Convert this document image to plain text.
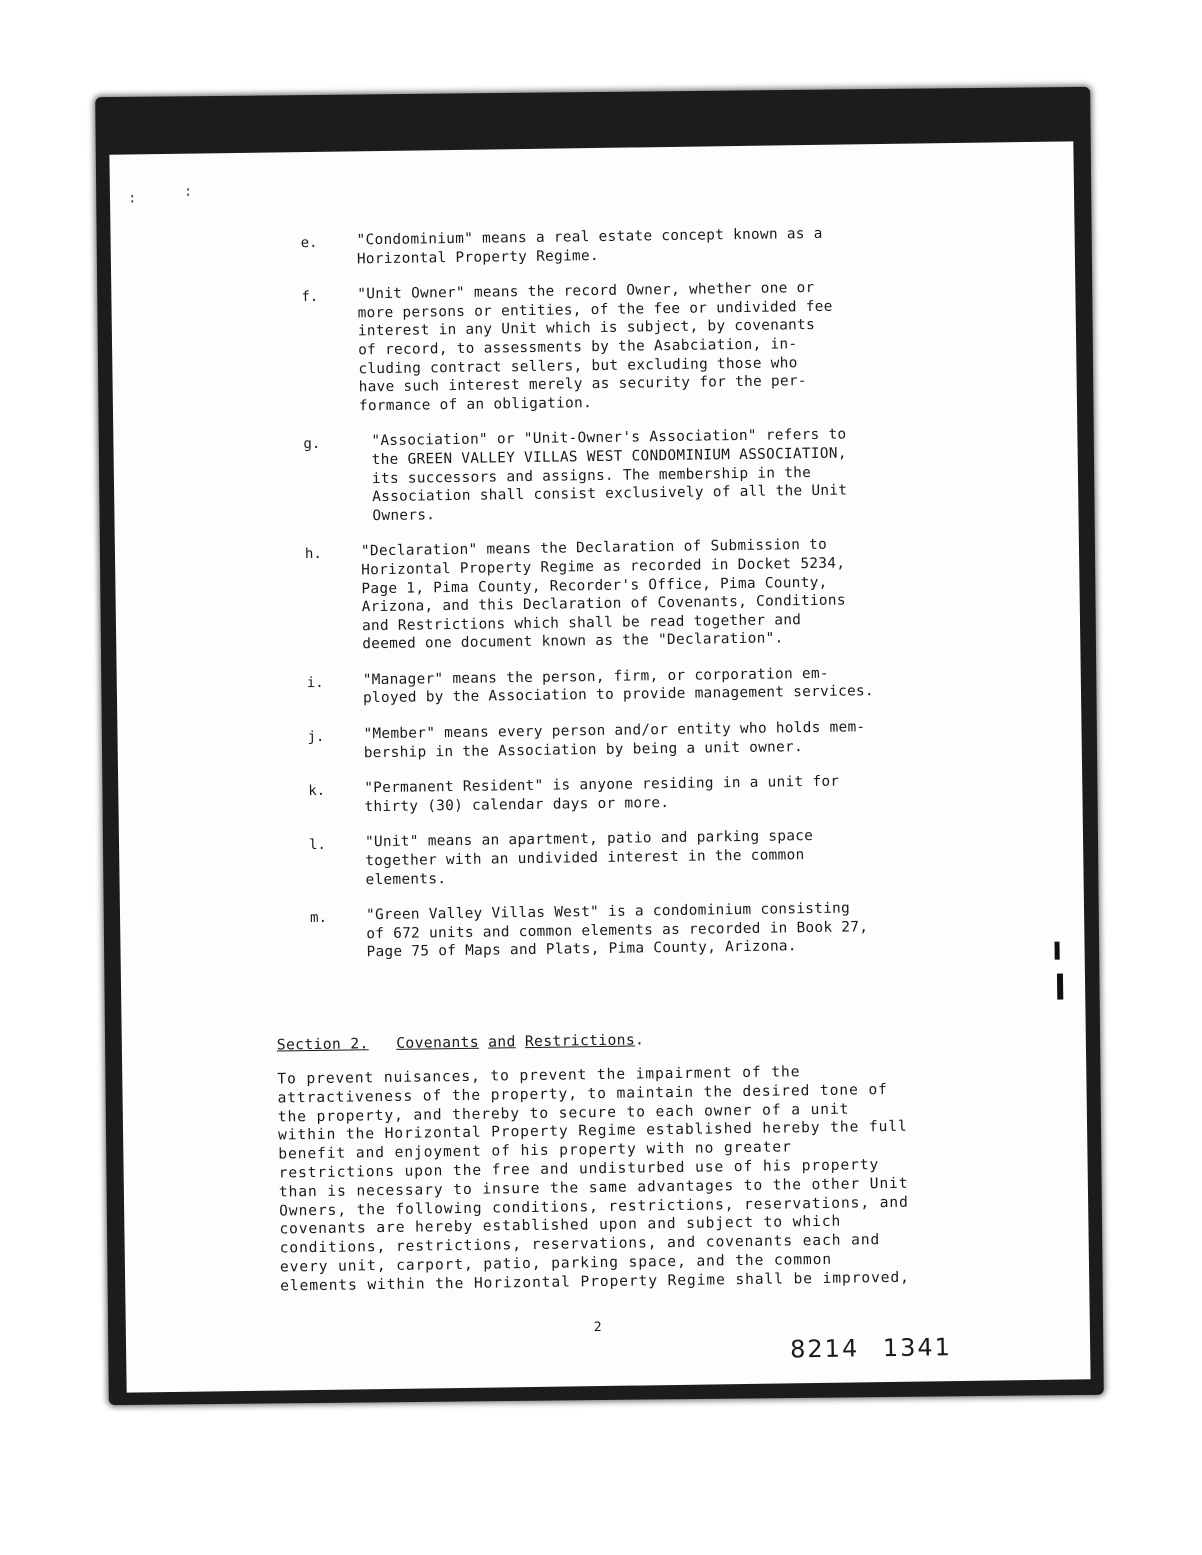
:	:
e.	"Condominium" means a real estate concept known as a
Horizontal Property Regime.
f.	"Unit Owner" means the record Owner, whether one or
more persons or entities, of the fee or undivided fee
interest in any Unit which is subject, by covenants
of record, to assessments by the Asabciation, in-
cluding contract sellers, but excluding those who
have such interest merely as security for the per-
formance of an obligation.
g.	"Association" or "Unit-Owner's Association" refers to
the GREEN VALLEY VILLAS WEST CONDOMINIUM ASSOCIATION,
its successors and assigns. The membership in the
Association shall consist exclusively of all the Unit
Owners.
h.	"Declaration" means the Declaration of Submission to
Horizontal Property Regime as recorded in Docket 5234,
Page 1, Pima County, Recorder's Office, Pima County,
Arizona, and this Declaration of Covenants, Conditions
and Restrictions which shall be read together and
deemed one document known as the "Declaration".
i.	"Manager" means the person, firm, or corporation em-
ployed by the Association to provide management services.
j.	"Member" means every person and/or entity who holds mem-
bership in the Association by being a unit owner.
k.	"Permanent Resident" is anyone residing in a unit for
thirty (30) calendar days or more.
l.	"Unit" means an apartment, patio and parking space
together with an undivided interest in the common
elements.
m.	"Green Valley Villas West" is a condominium consisting
of 672 units and common elements as recorded in Book 27,
Page 75 of Maps and Plats, Pima County, Arizona.
Section 2. Covenants and Restrictions.
To prevent nuisances, to prevent the impairment of the
attractiveness of the property, to maintain the desired tone of
the property, and thereby to secure to each owner of a unit
within the Horizontal Property Regime established hereby the full
benefit and enjoyment of his property with no greater
restrictions upon the free and undisturbed use of his property
than is necessary to insure the same advantages to the other Unit
Owners, the following conditions, restrictions, reservations, and
covenants are hereby established upon and subject to which
conditions, restrictions, reservations, and covenants each and
every unit, carport, patio, parking space, and the common
elements within the Horizontal Property Regime shall be improved,
2
8214 1341
